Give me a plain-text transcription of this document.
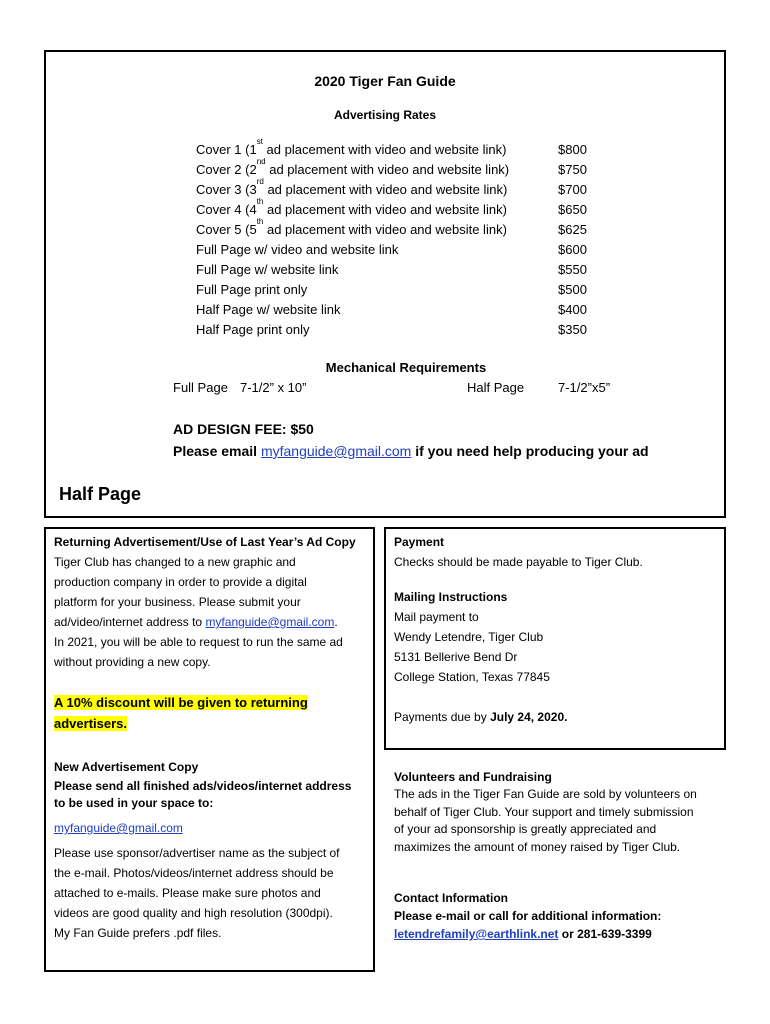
2020 Tiger Fan Guide
Advertising Rates
Cover 1 (1st ad placement with video and website link)	$800
Cover 2 (2nd ad placement with video and website link)	$750
Cover 3 (3rd ad placement with video and website link)	$700
Cover 4 (4th ad placement with video and website link)	$650
Cover 5 (5th ad placement with video and website link)	$625
Full Page w/ video and website link	$600
Full Page w/ website link	$550
Full Page print only	$500
Half Page w/ website link	$400
Half Page print only	$350
Mechanical Requirements
Full Page 7-1/2” x 10”	Half Page	7-1/2”x5”
AD DESIGN FEE: $50
Please email myfanguide@gmail.com if you need help producing your ad
Half Page
Returning Advertisement/Use of Last Year’s Ad Copy
Tiger Club has changed to a new graphic and
production company in order to provide a digital
platform for your business. Please submit your
ad/video/internet address to myfanguide@gmail.com.
In 2021, you will be able to request to run the same ad
without providing a new copy.
A 10% discount will be given to returning
advertisers.
New Advertisement Copy
Please send all finished ads/videos/internet address
to be used in your space to:
myfanguide@gmail.com
Please use sponsor/advertiser name as the subject of
the e-mail. Photos/videos/internet address should be
attached to e-mails. Please make sure photos and
videos are good quality and high resolution (300dpi).
My Fan Guide prefers .pdf files.
Payment
Checks should be made payable to Tiger Club.
Mailing Instructions
Mail payment to
Wendy Letendre, Tiger Club
5131 Bellerive Bend Dr
College Station, Texas 77845
Payments due by July 24, 2020.
Volunteers and Fundraising
The ads in the Tiger Fan Guide are sold by volunteers on
behalf of Tiger Club. Your support and timely submission
of your ad sponsorship is greatly appreciated and
maximizes the amount of money raised by Tiger Club.
Contact Information
Please e-mail or call for additional information:
letendrefamily@earthlink.net or 281-639-3399
